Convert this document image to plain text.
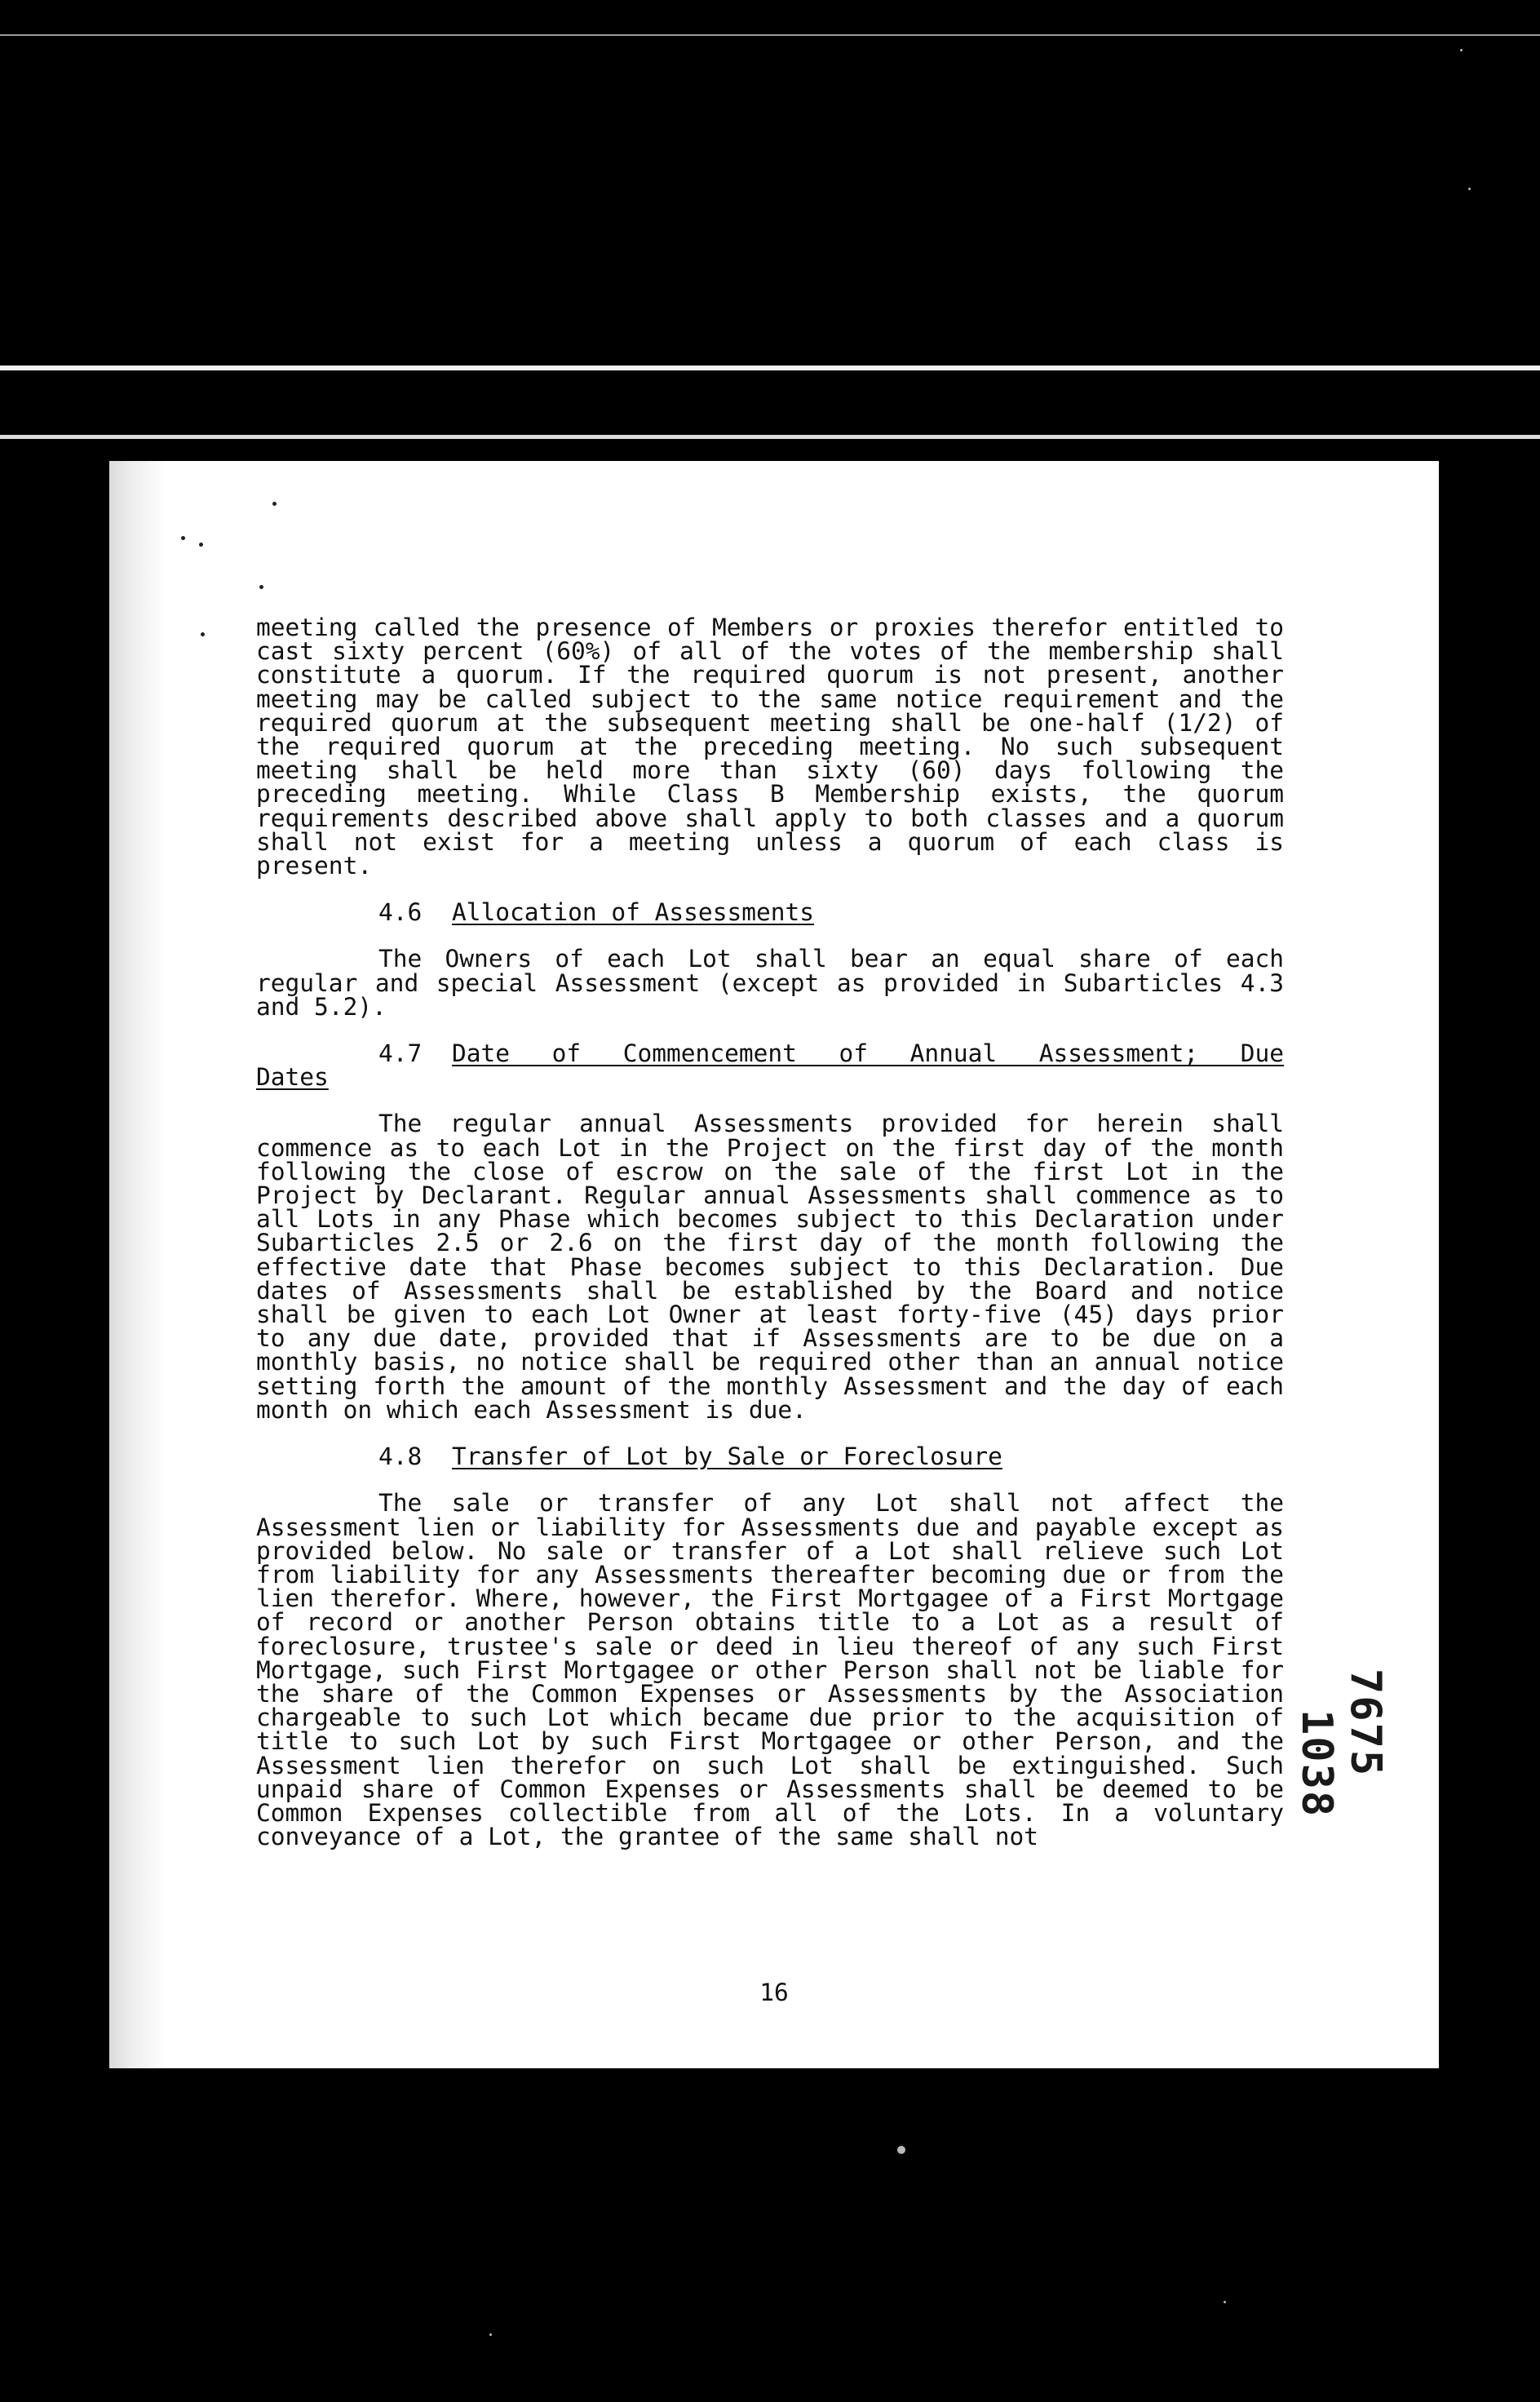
meeting called the presence of Members or proxies therefor entitled to cast sixty percent (60%) of all of the votes of the membership shall constitute a quorum. If the required quorum is not present, another meeting may be called subject to the same notice requirement and the required quorum at the subsequent meeting shall be one-half (1/2) of the required quorum at the preceding meeting. No such subsequent meeting shall be held more than sixty (60) days following the preceding meeting. While Class B Membership exists, the quorum requirements described above shall apply to both classes and a quorum shall not exist for a meeting unless a quorum of each class is present.

4.6	Allocation of Assessments

The Owners of each Lot shall bear an equal share of each regular and special Assessment (except as provided in Subarticles 4.3 and 5.2).

4.7	Date of Commencement of Annual Assessment; Due
Dates

The regular annual Assessments provided for herein shall commence as to each Lot in the Project on the first day of the month following the close of escrow on the sale of the first Lot in the Project by Declarant. Regular annual Assessments shall commence as to all Lots in any Phase which becomes subject to this Declaration under Subarticles 2.5 or 2.6 on the first day of the month following the effective date that Phase becomes subject to this Declaration. Due dates of Assessments shall be established by the Board and notice shall be given to each Lot Owner at least forty-five (45) days prior to any due date, provided that if Assessments are to be due on a monthly basis, no notice shall be required other than an annual notice setting forth the amount of the monthly Assessment and the day of each month on which each Assessment is due.

4.8	Transfer of Lot by Sale or Foreclosure

The sale or transfer of any Lot shall not affect the Assessment lien or liability for Assessments due and payable except as provided below. No sale or transfer of a Lot shall relieve such Lot from liability for any Assessments thereafter becoming due or from the lien therefor. Where, however, the First Mortgagee of a First Mortgage of record or another Person obtains title to a Lot as a result of foreclosure, trustee's sale or deed in lieu thereof of any such First Mortgage, such First Mortgagee or other Person shall not be liable for the share of the Common Expenses or Assessments by the Association chargeable to such Lot which became due prior to the acquisition of title to such Lot by such First Mortgagee or other Person, and the Assessment lien therefor on such Lot shall be extinguished. Such unpaid share of Common Expenses or Assessments shall be deemed to be Common Expenses collectible from all of the Lots. In a voluntary conveyance of a Lot, the grantee of the same shall not

7675
1038
16
